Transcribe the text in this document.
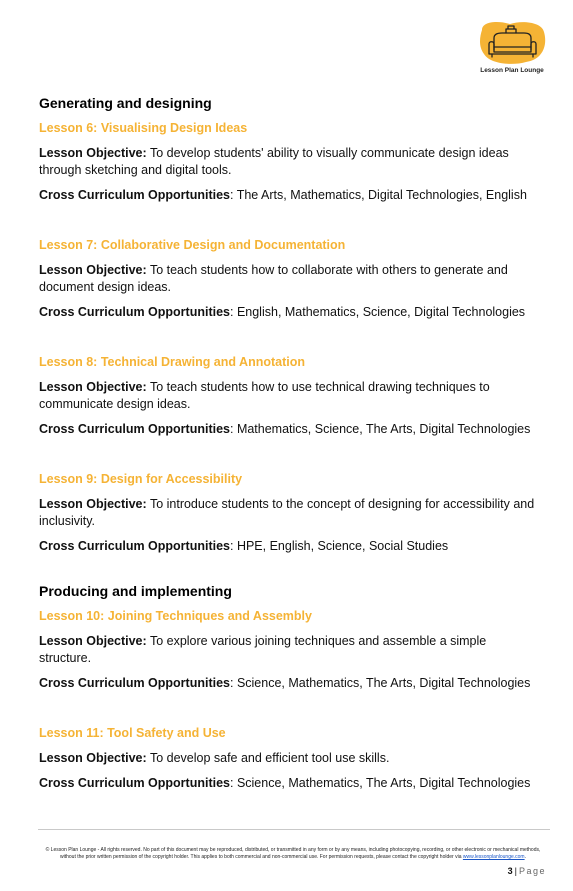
Lesson Plan Lounge
Generating and designing
Lesson 6: Visualising Design Ideas
Lesson Objective: To develop students' ability to visually communicate design ideas through sketching and digital tools.
Cross Curriculum Opportunities: The Arts, Mathematics, Digital Technologies, English
Lesson 7: Collaborative Design and Documentation
Lesson Objective: To teach students how to collaborate with others to generate and document design ideas.
Cross Curriculum Opportunities: English, Mathematics, Science, Digital Technologies
Lesson 8: Technical Drawing and Annotation
Lesson Objective: To teach students how to use technical drawing techniques to communicate design ideas.
Cross Curriculum Opportunities: Mathematics, Science, The Arts, Digital Technologies
Lesson 9: Design for Accessibility
Lesson Objective: To introduce students to the concept of designing for accessibility and inclusivity.
Cross Curriculum Opportunities: HPE, English, Science, Social Studies
Producing and implementing
Lesson 10: Joining Techniques and Assembly
Lesson Objective: To explore various joining techniques and assemble a simple structure.
Cross Curriculum Opportunities: Science, Mathematics, The Arts, Digital Technologies
Lesson 11: Tool Safety and Use
Lesson Objective: To develop safe and efficient tool use skills.
Cross Curriculum Opportunities: Science, Mathematics, The Arts, Digital Technologies
© Lesson Plan Lounge - All rights reserved. No part of this document may be reproduced, distributed, or transmitted in any form or by any means, including photocopying, recording, or other electronic or mechanical methods, without the prior written permission of the copyright holder. This applies to both commercial and non-commercial use. For permission requests, please contact the copyright holder via www.lessonplanlounge.com.
3 | Page
